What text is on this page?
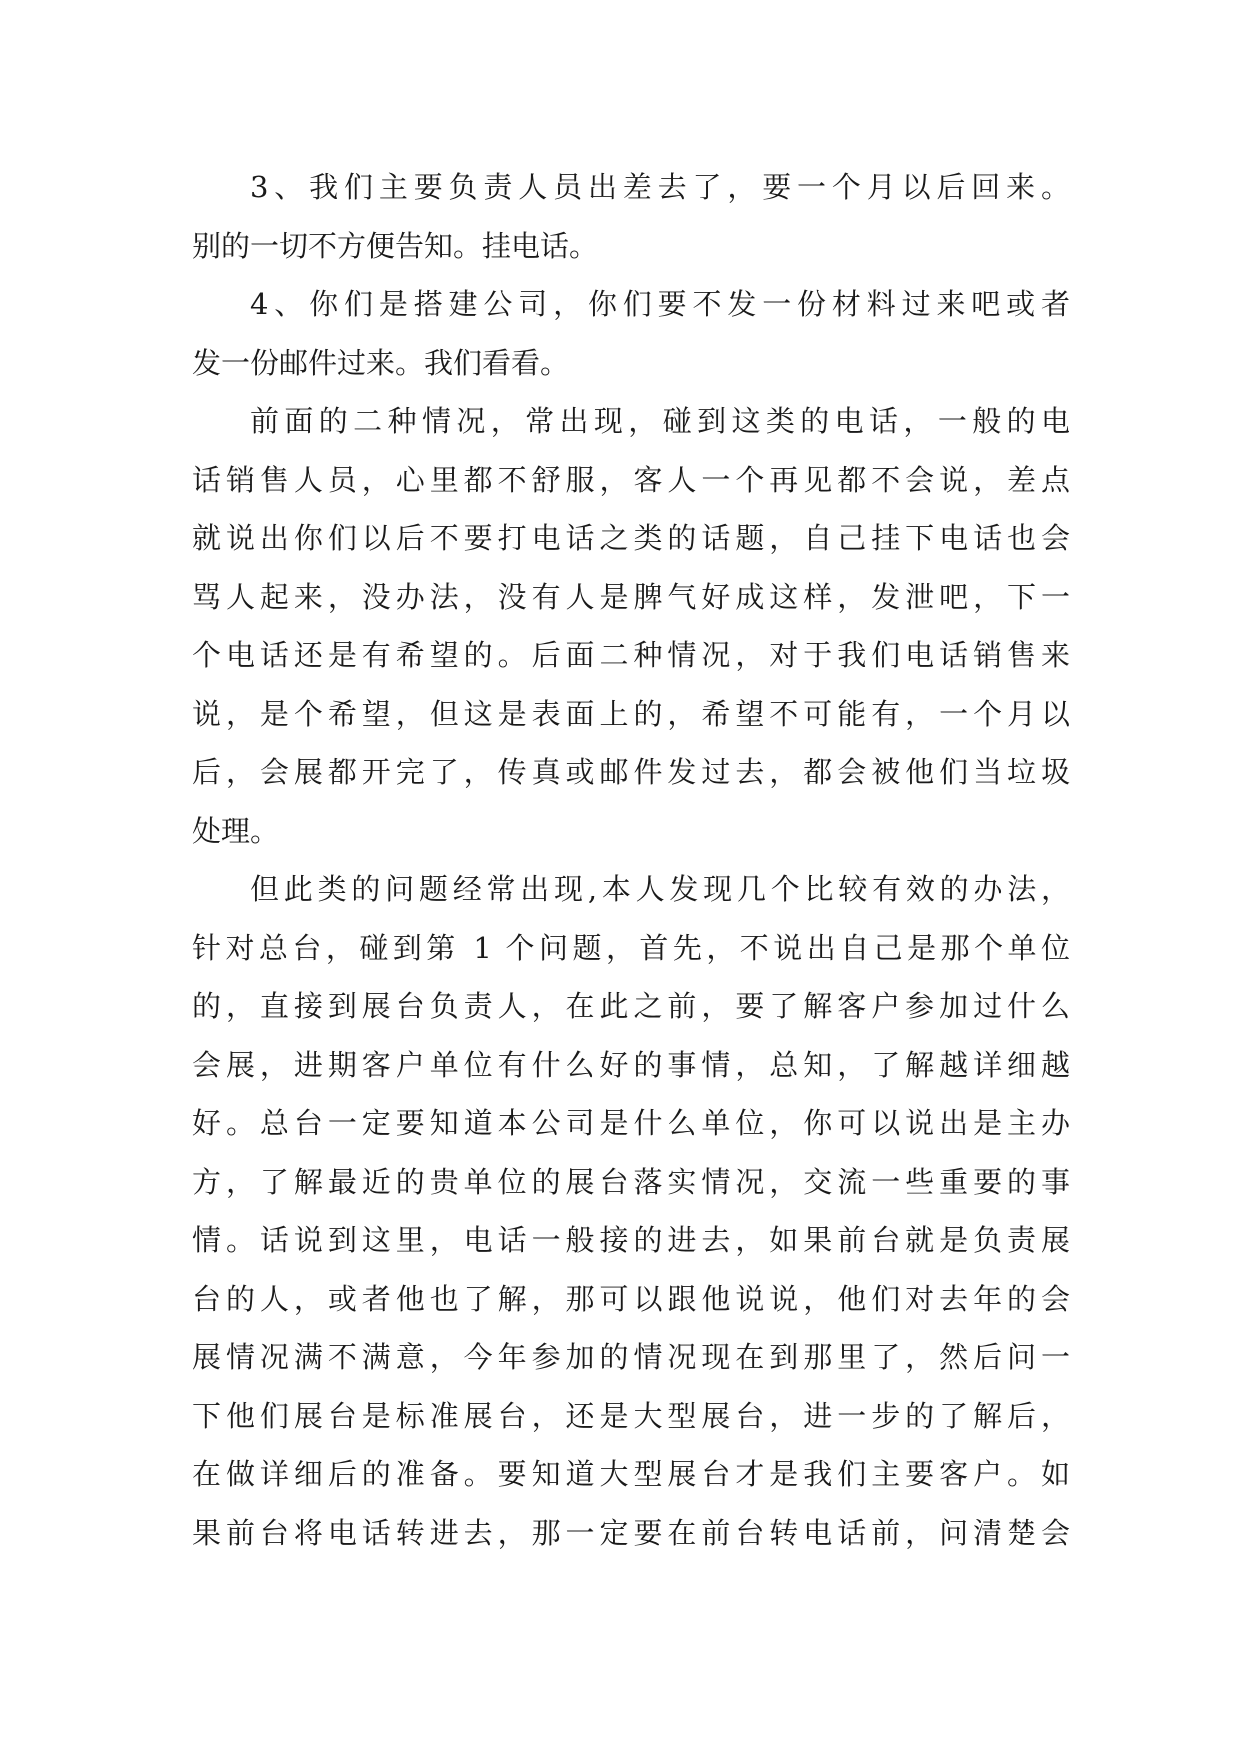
3、我们主要负责人员出差去了，要一个月以后回来。
别的一切不方便告知。挂电话。
4、你们是搭建公司，你们要不发一份材料过来吧或者
发一份邮件过来。我们看看。
前面的二种情况，常出现，碰到这类的电话，一般的电
话销售人员，心里都不舒服，客人一个再见都不会说，差点
就说出你们以后不要打电话之类的话题，自己挂下电话也会
骂人起来，没办法，没有人是脾气好成这样，发泄吧，下一
个电话还是有希望的。后面二种情况，对于我们电话销售来
说，是个希望，但这是表面上的，希望不可能有，一个月以
后，会展都开完了，传真或邮件发过去，都会被他们当垃圾
处理。
但此类的问题经常出现,本人发现几个比较有效的办法，
针对总台，碰到第 1 个问题，首先，不说出自己是那个单位
的，直接到展台负责人，在此之前，要了解客户参加过什么
会展，进期客户单位有什么好的事情，总知，了解越详细越
好。总台一定要知道本公司是什么单位，你可以说出是主办
方，了解最近的贵单位的展台落实情况，交流一些重要的事
情。话说到这里，电话一般接的进去，如果前台就是负责展
台的人，或者他也了解，那可以跟他说说，他们对去年的会
展情况满不满意，今年参加的情况现在到那里了，然后问一
下他们展台是标准展台，还是大型展台，进一步的了解后，
在做详细后的准备。要知道大型展台才是我们主要客户。如
果前台将电话转进去，那一定要在前台转电话前，问清楚会
